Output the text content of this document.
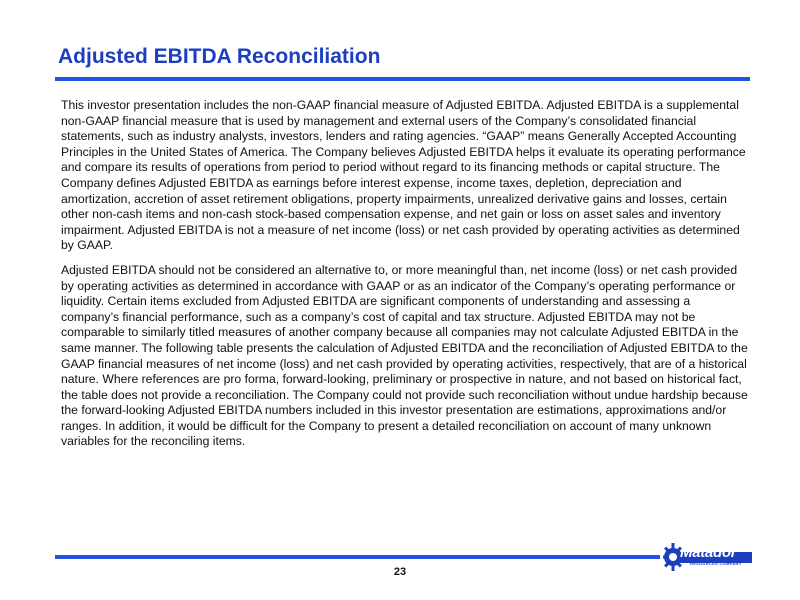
Adjusted EBITDA Reconciliation

This investor presentation includes the non-GAAP financial measure of Adjusted EBITDA. Adjusted EBITDA is a supplemental non-GAAP financial measure that is used by management and external users of the Company’s consolidated financial statements, such as industry analysts, investors, lenders and rating agencies. “GAAP” means Generally Accepted Accounting Principles in the United States of America. The Company believes Adjusted EBITDA helps it evaluate its operating performance and compare its results of operations from period to period without regard to its financing methods or capital structure. The Company defines Adjusted EBITDA as earnings before interest expense, income taxes, depletion, depreciation and amortization, accretion of asset retirement obligations, property impairments, unrealized derivative gains and losses, certain other non-cash items and non-cash stock-based compensation expense, and net gain or loss on asset sales and inventory impairment. Adjusted EBITDA is not a measure of net income (loss) or net cash provided by operating activities as determined by GAAP.

Adjusted EBITDA should not be considered an alternative to, or more meaningful than, net income (loss) or net cash provided by operating activities as determined in accordance with GAAP or as an indicator of the Company’s operating performance or liquidity. Certain items excluded from Adjusted EBITDA are significant components of understanding and assessing a company’s financial performance, such as a company’s cost of capital and tax structure. Adjusted EBITDA may not be comparable to similarly titled measures of another company because all companies may not calculate Adjusted EBITDA in the same manner. The following table presents the calculation of Adjusted EBITDA and the reconciliation of Adjusted EBITDA to the GAAP financial measures of net income (loss) and net cash provided by operating activities, respectively, that are of a historical nature. Where references are pro forma, forward-looking, preliminary or prospective in nature, and not based on historical fact, the table does not provide a reconciliation. The Company could not provide such reconciliation without undue hardship because the forward-looking Adjusted EBITDA numbers included in this investor presentation are estimations, approximations and/or ranges. In addition, it would be difficult for the Company to present a detailed reconciliation on account of many unknown variables for the reconciling items.

23
Matador
RESOURCES COMPANY
